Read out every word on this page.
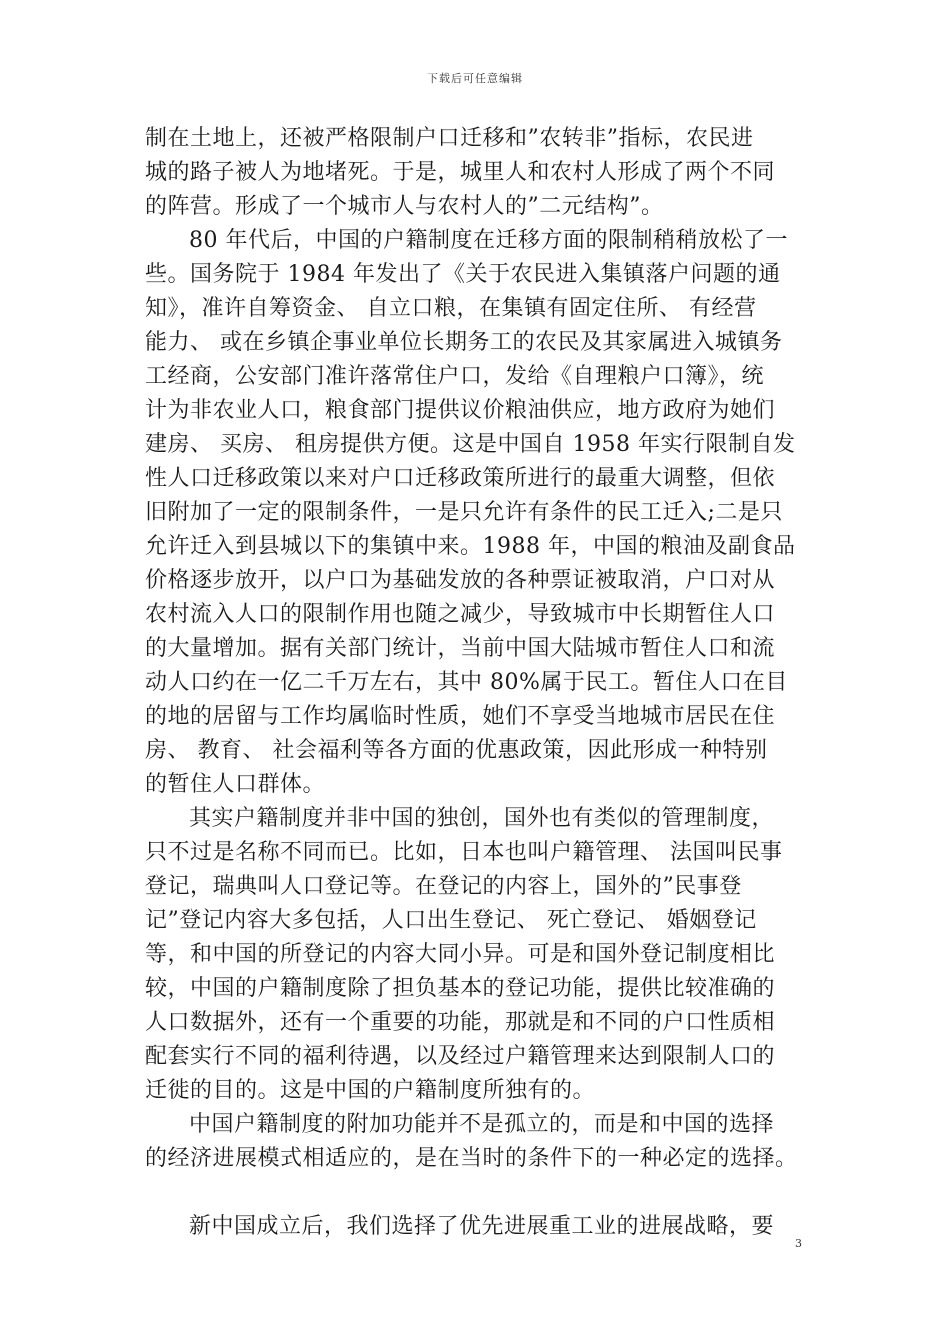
下载后可任意编辑
制在土地上，还被严格限制户口迁移和”农转非”指标，农民进
城的路子被人为地堵死。于是，城里人和农村人形成了两个不同
的阵营。形成了一个城市人与农村人的”二元结构”。
80 年代后，中国的户籍制度在迁移方面的限制稍稍放松了一
些。国务院于 1984 年发出了《关于农民进入集镇落户问题的通
知》，准许自筹资金、 自立口粮，在集镇有固定住所、 有经营
能力、 或在乡镇企事业单位长期务工的农民及其家属进入城镇务
工经商，公安部门准许落常住户口，发给《自理粮户口簿》，统
计为非农业人口，粮食部门提供议价粮油供应，地方政府为她们
建房、 买房、 租房提供方便。这是中国自 1958 年实行限制自发
性人口迁移政策以来对户口迁移政策所进行的最重大调整，但依
旧附加了一定的限制条件，一是只允许有条件的民工迁入;二是只
允许迁入到县城以下的集镇中来。1988 年，中国的粮油及副食品
价格逐步放开，以户口为基础发放的各种票证被取消，户口对从
农村流入人口的限制作用也随之减少，导致城市中长期暂住人口
的大量增加。据有关部门统计，当前中国大陆城市暂住人口和流
动人口约在一亿二千万左右，其中 80%属于民工。暂住人口在目
的地的居留与工作均属临时性质，她们不享受当地城市居民在住
房、 教育、 社会福利等各方面的优惠政策，因此形成一种特别
的暂住人口群体。
其实户籍制度并非中国的独创，国外也有类似的管理制度，
只不过是名称不同而已。比如，日本也叫户籍管理、 法国叫民事
登记，瑞典叫人口登记等。在登记的内容上，国外的”民事登
记”登记内容大多包括，人口出生登记、 死亡登记、 婚姻登记
等，和中国的所登记的内容大同小异。可是和国外登记制度相比
较，中国的户籍制度除了担负基本的登记功能，提供比较准确的
人口数据外，还有一个重要的功能，那就是和不同的户口性质相
配套实行不同的福利待遇，以及经过户籍管理来达到限制人口的
迁徙的目的。这是中国的户籍制度所独有的。
中国户籍制度的附加功能并不是孤立的，而是和中国的选择
的经济进展模式相适应的，是在当时的条件下的一种必定的选择。
新中国成立后，我们选择了优先进展重工业的进展战略，要
3
